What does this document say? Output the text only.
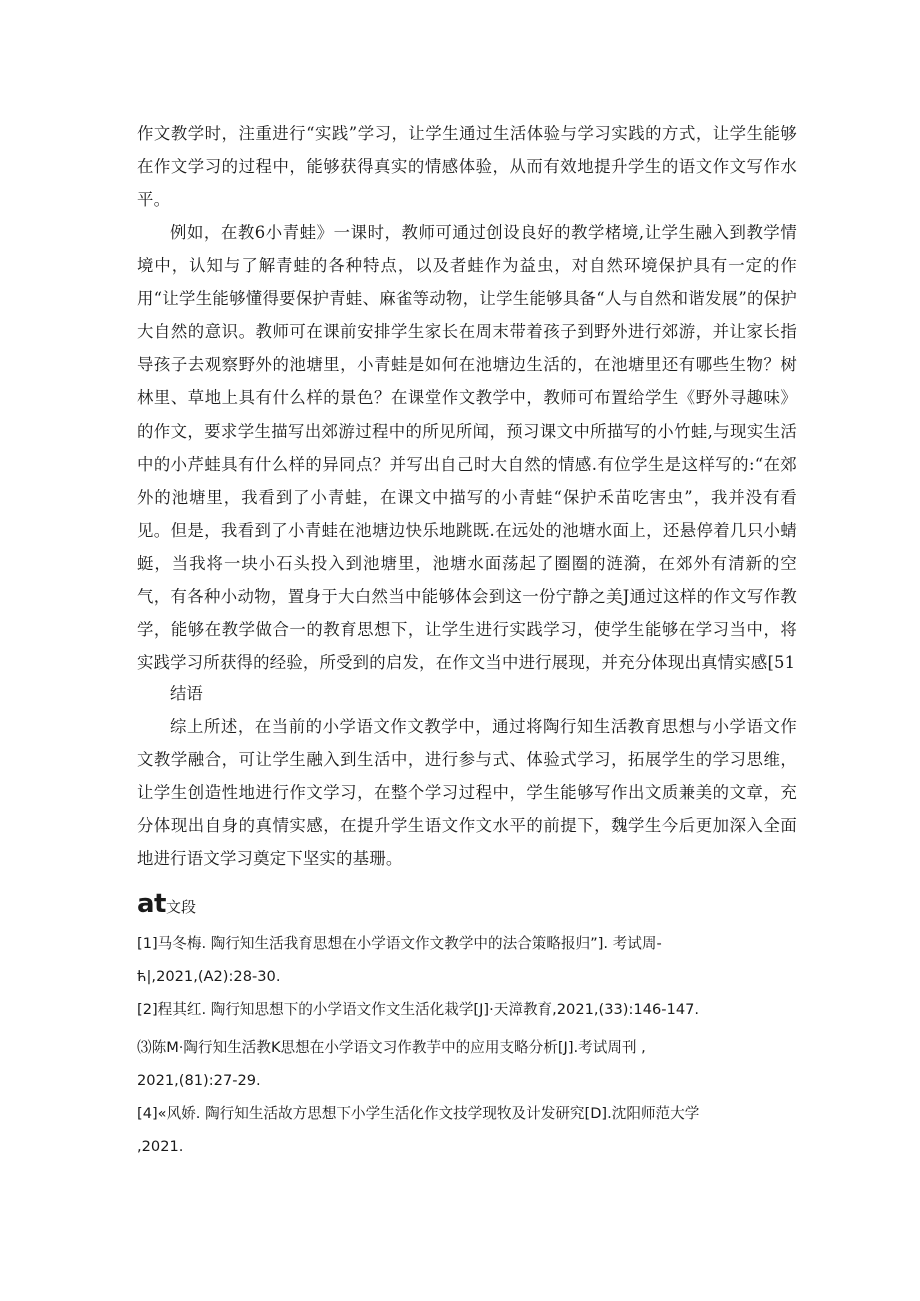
作文教学时，注重进行“实践”学习，让学生通过生活体验与学习实践的方式，让学生能够在作文学习的过程中，能够获得真实的情感体验，从而有效地提升学生的语文作文写作水平。

例如，在教6小青蛙》一课时，教师可通过创设良好的教学楮境,让学生融入到教学情境中，认知与了解青蛙的各种特点，以及者蛙作为益虫，对自然环境保护具有一定的作用“让学生能够懂得要保护青蛙、麻雀等动物，让学生能够具备“人与自然和谐发展”的保护大自然的意识。教师可在课前安排学生家长在周末带着孩子到野外进行郊游，并让家长指导孩子去观察野外的池塘里，小青蛙是如何在池塘边生活的，在池塘里还有哪些生物？树林里、草地上具有什么样的景色？在课堂作文教学中，教师可布置给学生《野外寻趣味》的作文，要求学生描写出郊游过程中的所见所闻，预习课文中所描写的小竹蛙,与现实生活中的小芹蛙具有什么样的异同点？并写出自己时大自然的情感.有位学生是这样写的:“在郊外的池塘里，我看到了小青蛙，在课文中描写的小青蛙“保护禾苗吃害虫”，我并没有看见。但是，我看到了小青蛙在池塘边快乐地跳既.在远处的池塘水面上，还悬停着几只小蜻蜓，当我将一块小石头投入到池塘里，池塘水面荡起了圈圈的涟漪，在郊外有清新的空气，有各种小动物，置身于大白然当中能够体会到这一份宁静之美J通过这样的作文写作教学，能够在教学做合一的教育思想下，让学生进行实践学习，使学生能够在学习当中，将实践学习所获得的经验，所受到的启发，在作文当中进行展现，并充分体现出真情实感[51

结语

综上所述，在当前的小学语文作文教学中，通过将陶行知生活教育思想与小学语文作文教学融合，可让学生融入到生活中，进行参与式、体验式学习，拓展学生的学习思维，让学生创造性地进行作文学习，在整个学习过程中，学生能够写作出文质兼美的文章，充分体现出自身的真情实感，在提升学生语文作文水平的前提下，魏学生今后更加深入全面地进行语文学习奠定下坚实的基珊。

at文段

[1]马冬梅. 陶行知生活我育思想在小学语文作文教学中的法合策略报归”]. 考试周-
ћ|,2021,(A2):28-30.
[2]程其红. 陶行知思想下的小学语文作文生活化栽学[J]·天漳教育,2021,(33):146-147.
⑶陈M·陶行知生活教K思想在小学语文习作教芋中的应用支略分析[J].考试周刊 ,
2021,(81):27-29.
[4]«风娇. 陶行知生活故方思想下小学生活化作文技学现牧及计发研究[D].沈阳师范大学
,2021.
